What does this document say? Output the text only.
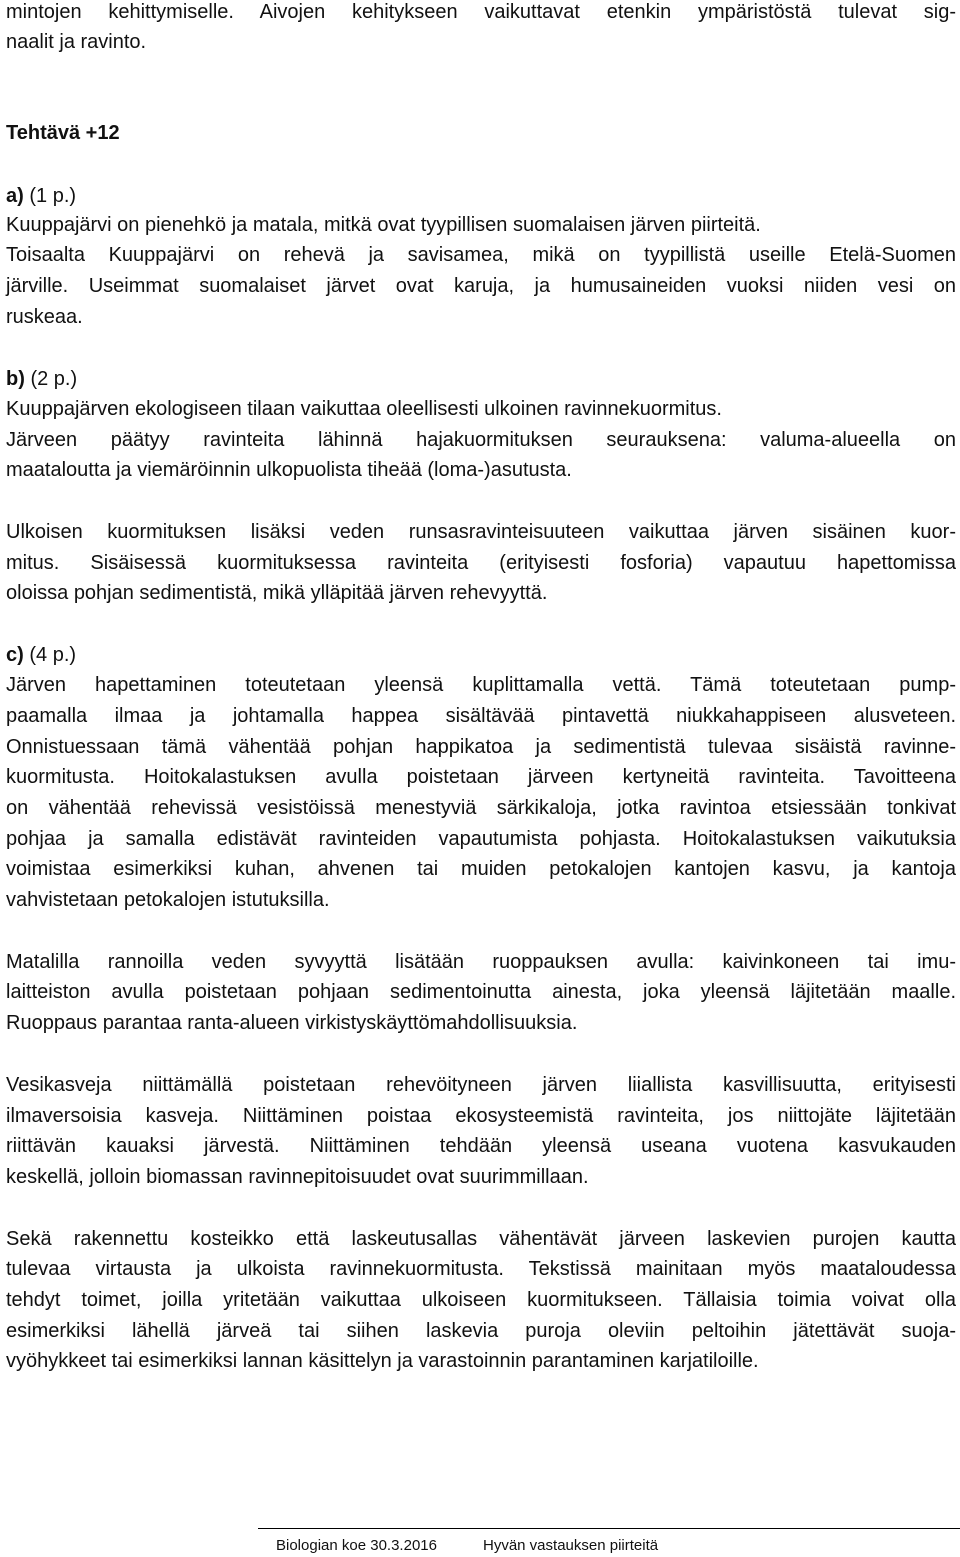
mintojen kehittymiselle. Aivojen kehitykseen vaikuttavat etenkin ympäristöstä tulevat sig-
naalit ja ravinto.
Tehtävä +12
a) (1 p.)
Kuuppajärvi on pienehkö ja matala, mitkä ovat tyypillisen suomalaisen järven piirteitä.
Toisaalta Kuuppajärvi on rehevä ja savisamea, mikä on tyypillistä useille Etelä-Suomen
järville. Useimmat suomalaiset järvet ovat karuja, ja humusaineiden vuoksi niiden vesi on
ruskeaa.
b) (2 p.)
Kuuppajärven ekologiseen tilaan vaikuttaa oleellisesti ulkoinen ravinnekuormitus.
Järveen päätyy ravinteita lähinnä hajakuormituksen seurauksena: valuma-alueella on
maataloutta ja viemäröinnin ulkopuolista tiheää (loma-)asutusta.
Ulkoisen kuormituksen lisäksi veden runsasravinteisuuteen vaikuttaa järven sisäinen kuor-
mitus. Sisäisessä kuormituksessa ravinteita (erityisesti fosforia) vapautuu hapettomissa
oloissa pohjan sedimentistä, mikä ylläpitää järven rehevyyttä.
c) (4 p.)
Järven hapettaminen toteutetaan yleensä kuplittamalla vettä. Tämä toteutetaan pump-
paamalla ilmaa ja johtamalla happea sisältävää pintavettä niukkahappiseen alusveteen.
Onnistuessaan tämä vähentää pohjan happikatoa ja sedimentistä tulevaa sisäistä ravinne-
kuormitusta. Hoitokalastuksen avulla poistetaan järveen kertyneitä ravinteita. Tavoitteena
on vähentää rehevissä vesistöissä menestyviä särkikaloja, jotka ravintoa etsiessään tonkivat
pohjaa ja samalla edistävät ravinteiden vapautumista pohjasta. Hoitokalastuksen vaikutuksia
voimistaa esimerkiksi kuhan, ahvenen tai muiden petokalojen kantojen kasvu, ja kantoja
vahvistetaan petokalojen istutuksilla.
Matalilla rannoilla veden syvyyttä lisätään ruoppauksen avulla: kaivinkoneen tai imu-
laitteiston avulla poistetaan pohjaan sedimentoinutta ainesta, joka yleensä läjitetään maalle.
Ruoppaus parantaa ranta-alueen virkistyskäyttömahdollisuuksia.
Vesikasveja niittämällä poistetaan rehevöityneen järven liiallista kasvillisuutta, erityisesti
ilmaversoisia kasveja. Niittäminen poistaa ekosysteemistä ravinteita, jos niittojäte läjitetään
riittävän kauaksi järvestä. Niittäminen tehdään yleensä useana vuotena kasvukauden
keskellä, jolloin biomassan ravinnepitoisuudet ovat suurimmillaan.
Sekä rakennettu kosteikko että laskeutusallas vähentävät järveen laskevien purojen kautta
tulevaa virtausta ja ulkoista ravinnekuormitusta. Tekstissä mainitaan myös maataloudessa
tehdyt toimet, joilla yritetään vaikuttaa ulkoiseen kuormitukseen. Tällaisia toimia voivat olla
esimerkiksi lähellä järveä tai siihen laskevia puroja oleviin peltoihin jätettävät suoja-
vyöhykkeet tai esimerkiksi lannan käsittelyn ja varastoinnin parantaminen karjatiloille.
Biologian koe 30.3.2016	Hyvän vastauksen piirteitä
